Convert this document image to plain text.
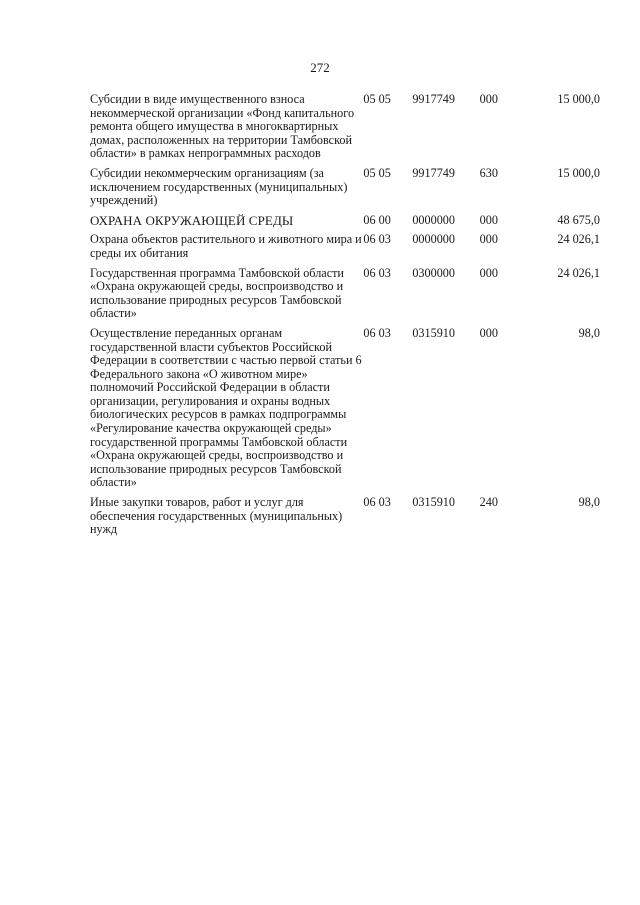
272
Субсидии в виде имущественного взноса некоммерческой организации «Фонд капитального ремонта общего имущества в многоквартирных домах, расположенных на территории Тамбовской области» в рамках непрограммных расходов	05 05	9917749	000	15 000,0
Субсидии некоммерческим организациям (за исключением государственных (муниципальных) учреждений)	05 05	9917749	630	15 000,0
ОХРАНА ОКРУЖАЮЩЕЙ СРЕДЫ	06 00	0000000	000	48 675,0
Охрана объектов растительного и животного мира и среды их обитания	06 03	0000000	000	24 026,1
Государственная программа Тамбовской области «Охрана окружающей среды, воспроизводство и использование природных ресурсов Тамбовской области»	06 03	0300000	000	24 026,1
Осуществление переданных органам государственной власти субъектов Российской Федерации в соответствии с частью первой статьи 6 Федерального закона «О животном мире» полномочий Российской Федерации в области организации, регулирования и охраны водных биологических ресурсов в рамках подпрограммы «Регулирование качества окружающей среды» государственной программы Тамбовской области «Охрана окружающей среды, воспроизводство и использование природных ресурсов Тамбовской области»	06 03	0315910	000	98,0
Иные закупки товаров, работ и услуг для обеспечения государственных (муниципальных) нужд	06 03	0315910	240	98,0
